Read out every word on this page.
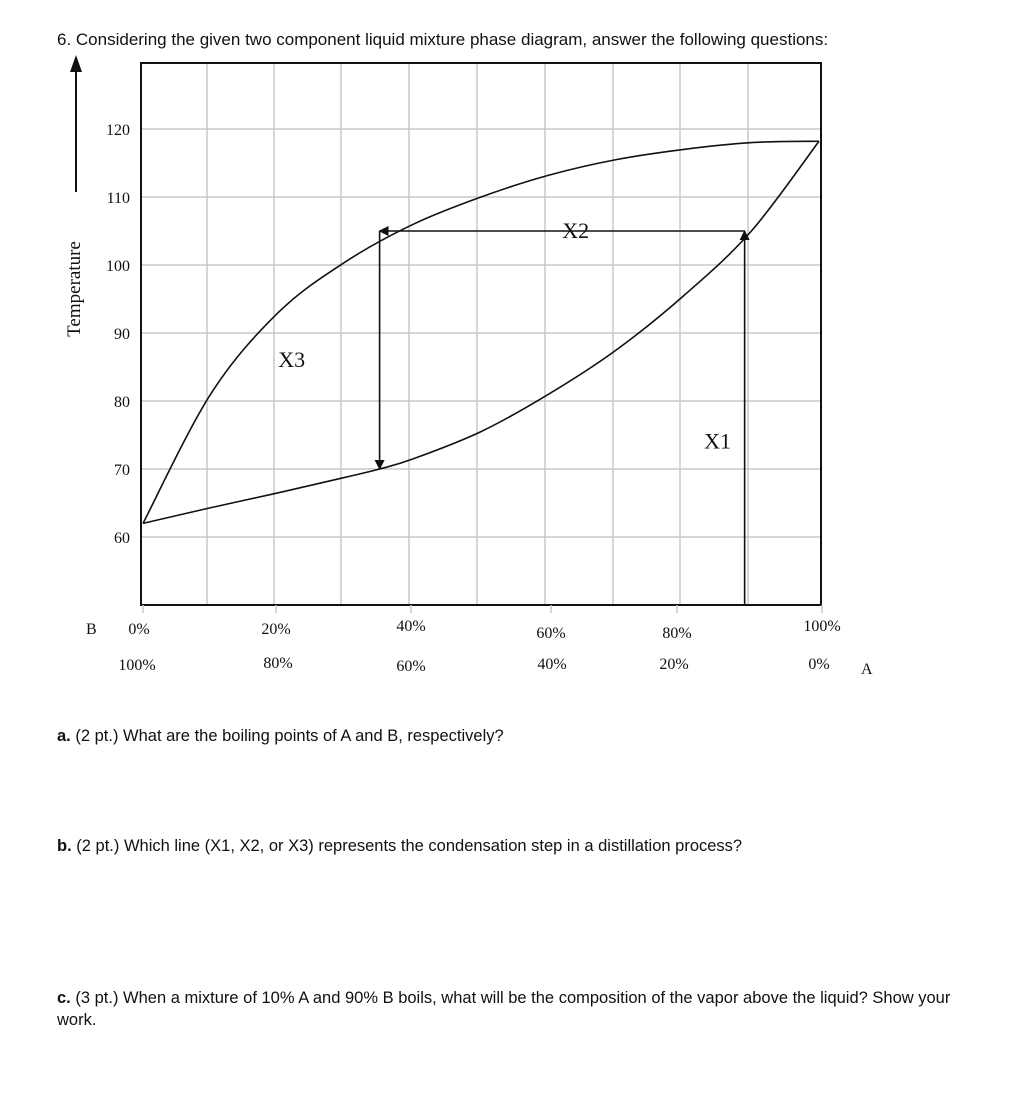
6. Considering the given two component liquid mixture phase diagram, answer the following questions:
Temperature
X1
X2
X3
120
110
100
90
80
70
60
0%	20%	40%	60%	80%	100%
100%	80%	60%	40%	20%	0%
B
A
a. (2 pt.) What are the boiling points of A and B, respectively?
b. (2 pt.) Which line (X1, X2, or X3) represents the condensation step in a distillation process?
c. (3 pt.) When a mixture of 10% A and 90% B boils, what will be the composition of the vapor above the liquid? Show your work.
